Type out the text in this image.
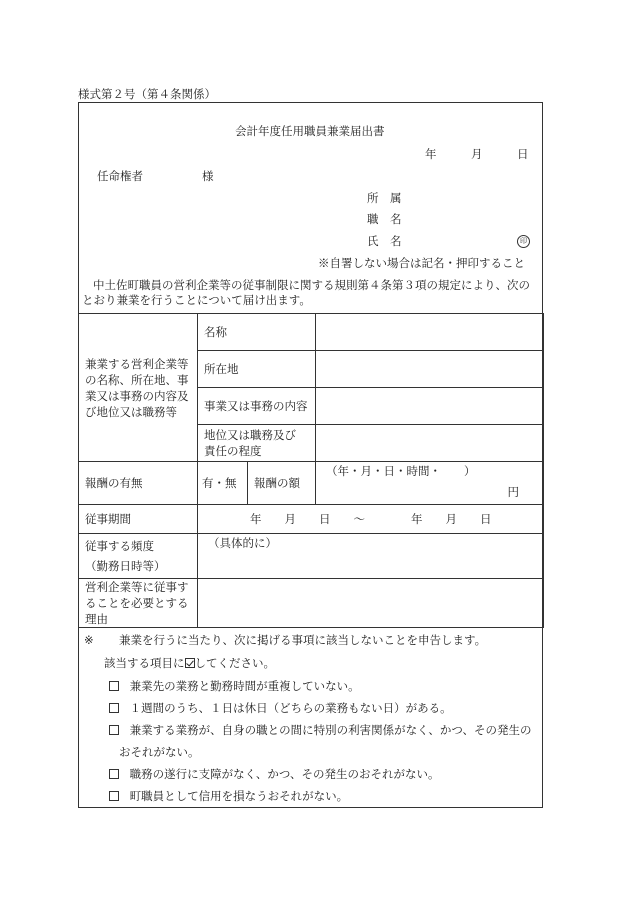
様式第２号（第４条関係）
会計年度任用職員兼業届出書
年	月	日
任命権者	様
所　属
職　名
氏　名	印
※自署しない場合は記名・押印すること
中土佐町職員の営利企業等の従事制限に関する規則第４条第３項の規定により、次の
とおり兼業を行うことについて届け出ます。
兼業する営利企業等の名称、所在地、事業又は事務の内容及び地位又は職務等	名称		
	所在地		
	事業又は事務の内容		
	地位又は職務及び責任の程度		
報酬の有無	有・無	報酬の額	（年・月・日・時間・　　）
円

従事期間	年　　月　　日　　～　　　　年　　月　　日		

従事する頻度
（勤務日時等）	（具体的に）		
営利企業等に従事することを必要とする理由			
※ 兼業を行うに当たり、次に掲げる事項に該当しないことを申告します。
該当する項目に してください。
兼業先の業務と勤務時間が重複していない。
１週間のうち、１日は休日（どちらの業務もない日）がある。
兼業する業務が、自身の職との間に特別の利害関係がなく、かつ、その発生の
おそれがない。
職務の遂行に支障がなく、かつ、その発生のおそれがない。
町職員として信用を損なうおそれがない。
